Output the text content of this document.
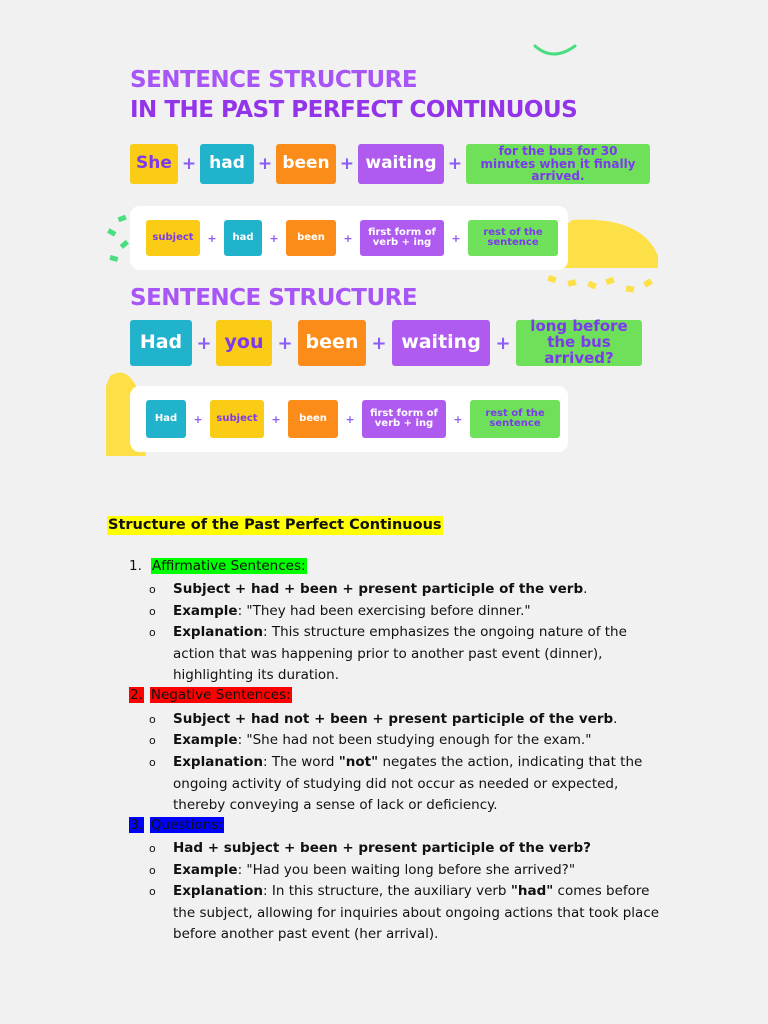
SENTENCE STRUCTURE
IN THE PAST PERFECT CONTINUOUS
She + had + been + waiting +
for the bus for 30 minutes when it finally arrived.
subject	+	had	+	been	+	first form of verb + ing	+	rest of the sentence
SENTENCE STRUCTURE
Had + you + been + waiting +
long before the bus arrived?
Had	+	subject	+	been	+	first form of verb + ing	+	rest of the sentence
Structure of the Past Perfect Continuous
1. Affirmative Sentences:
o Subject + had + been + present participle of the verb.
o Example: "They had been exercising before dinner."
o Explanation: This structure emphasizes the ongoing nature of the action that was happening prior to another past event (dinner), highlighting its duration.
2. Negative Sentences:
o Subject + had not + been + present participle of the verb.
o Example: "She had not been studying enough for the exam."
o Explanation: The word "not" negates the action, indicating that the ongoing activity of studying did not occur as needed or expected, thereby conveying a sense of lack or deficiency.
3. Questions:
o Had + subject + been + present participle of the verb?
o Example: "Had you been waiting long before she arrived?"
o Explanation: In this structure, the auxiliary verb "had" comes before the subject, allowing for inquiries about ongoing actions that took place before another past event (her arrival).
